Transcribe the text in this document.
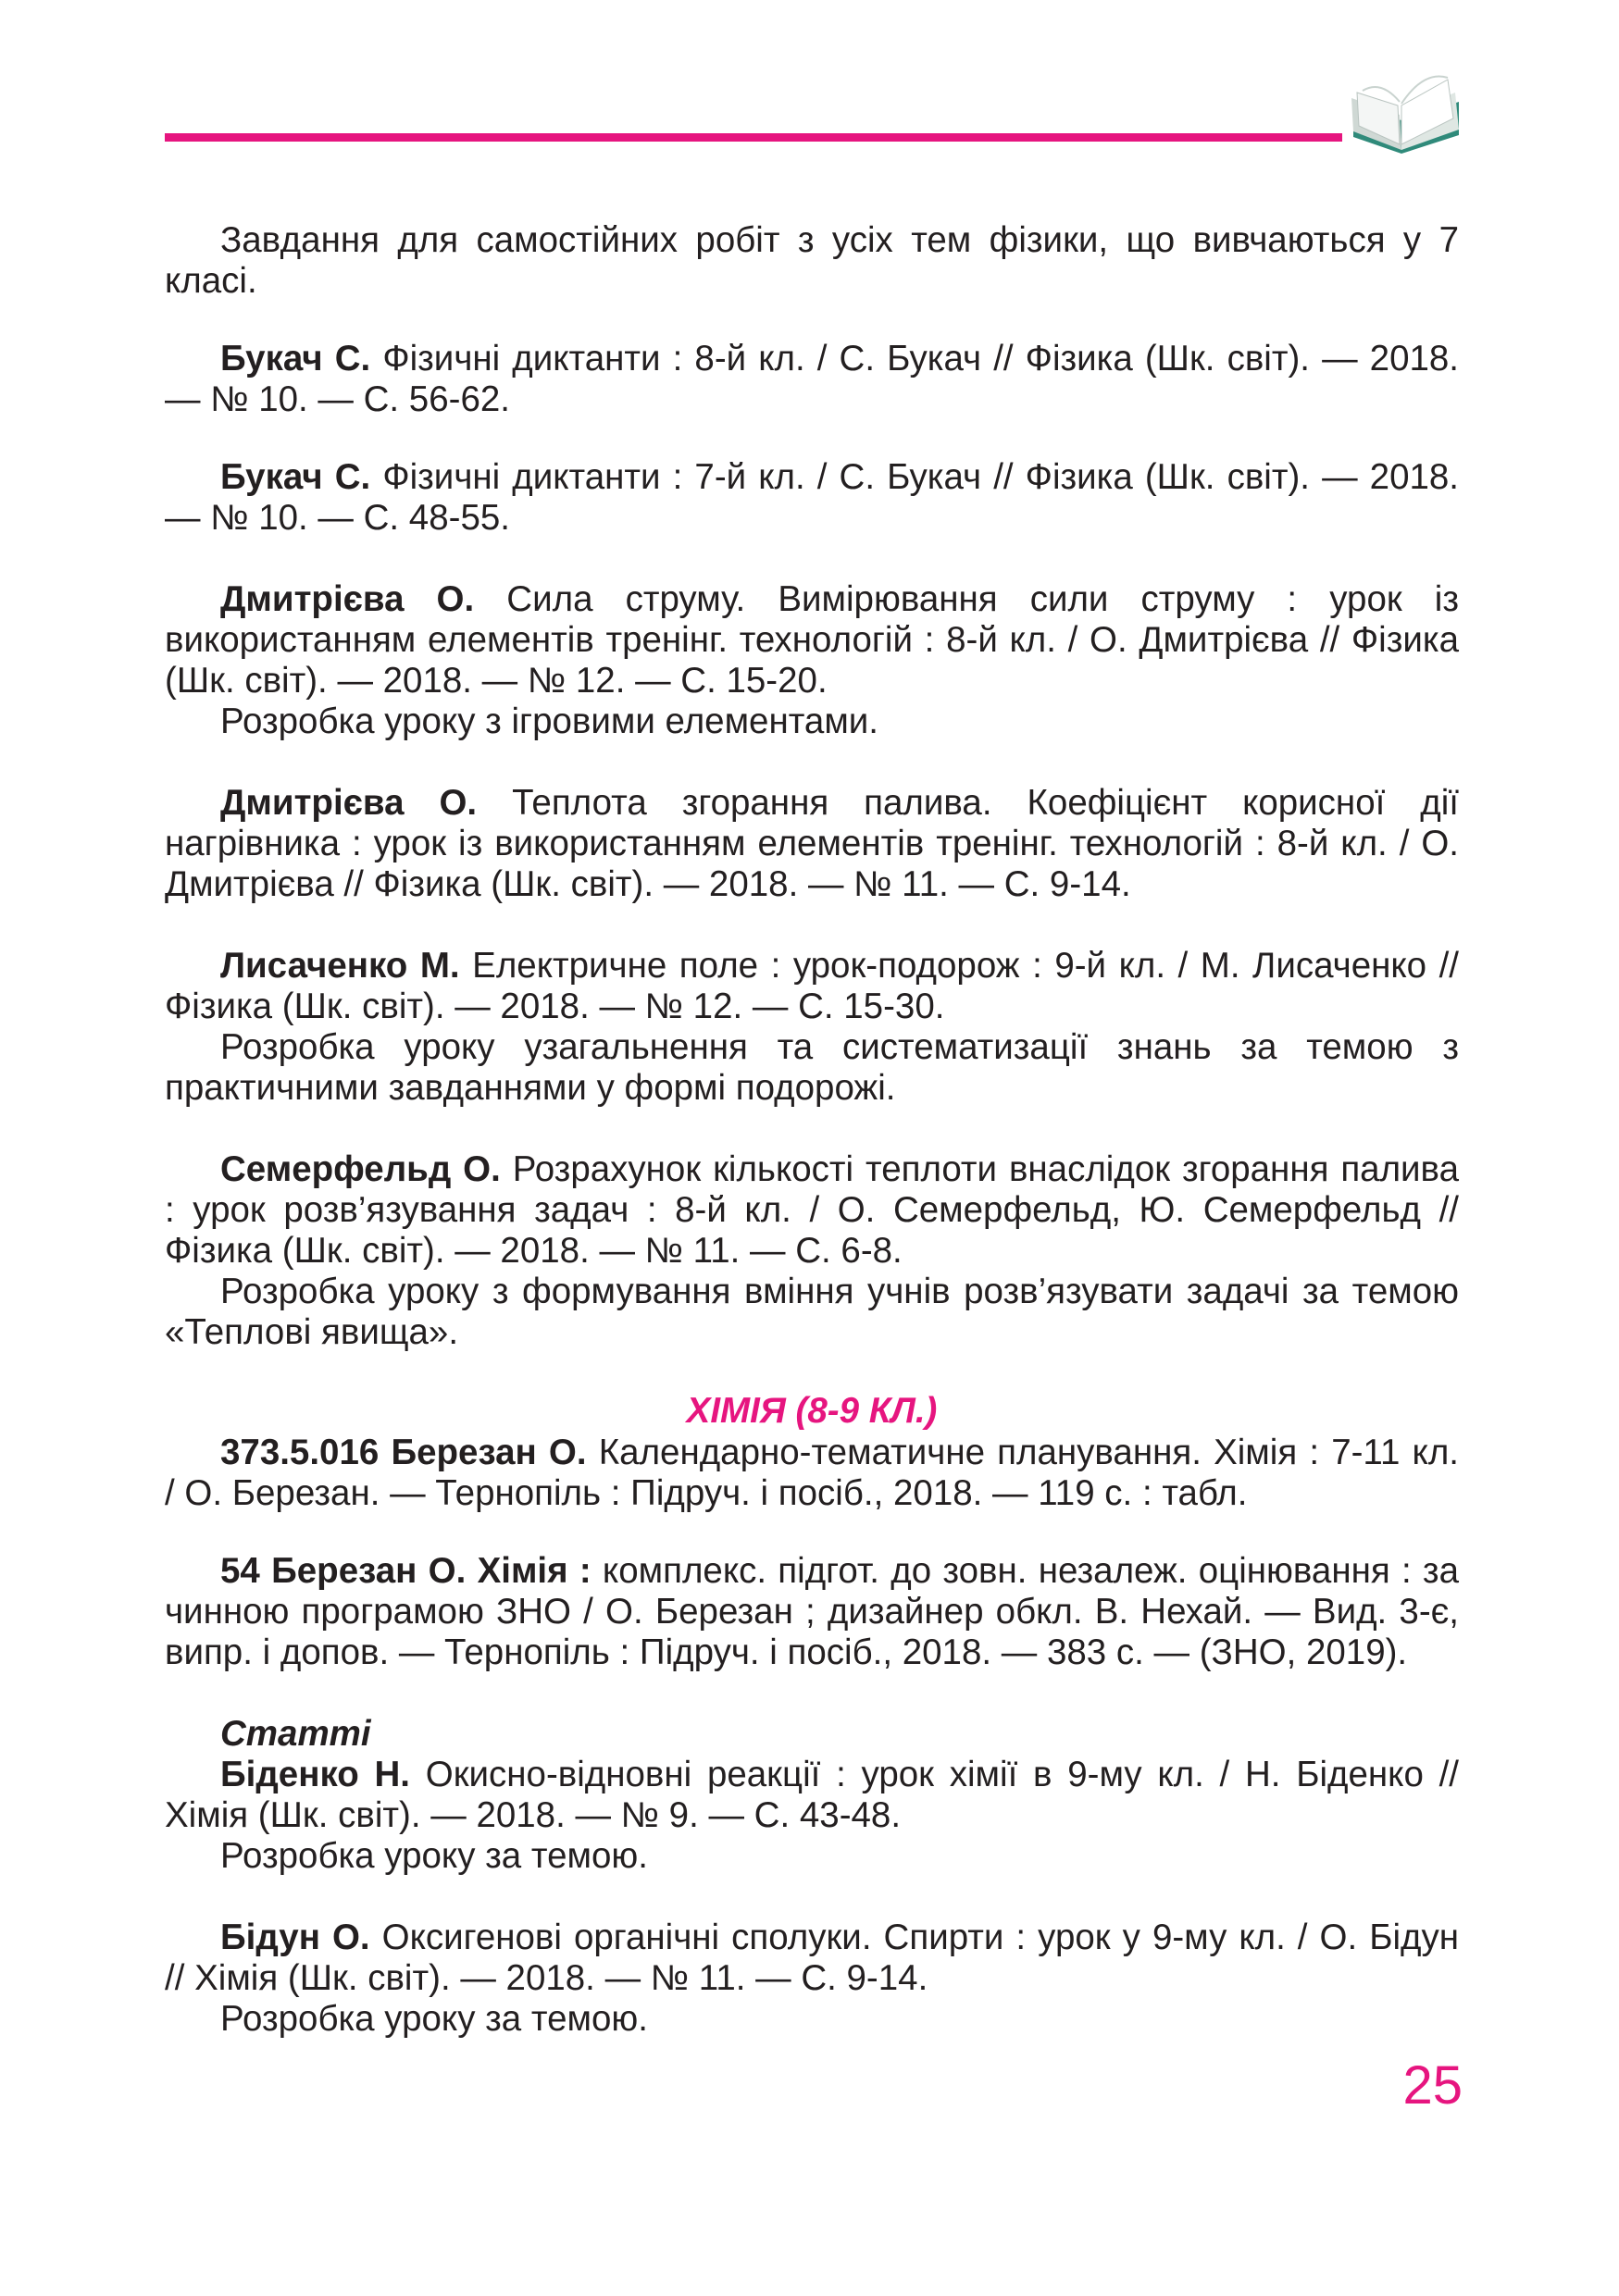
Завдання для самостійних робіт з усіх тем фізики, що вивчаються у 7 класі.

Букач С. Фізичні диктанти : 8-й кл. / С. Букач // Фізика (Шк. світ). — 2018. — № 10. — С. 56-62.

Букач С. Фізичні диктанти : 7-й кл. / С. Букач // Фізика (Шк. світ). — 2018. — № 10. — С. 48-55.

Дмитрієва О. Сила струму. Вимірювання сили струму : урок із використанням елементів тренінг. технологій : 8-й кл. / О. Дмитрієва // Фізика (Шк. світ). — 2018. — № 12. — С. 15-20.

Розробка уроку з ігровими елементами.

Дмитрієва О. Теплота згорання палива. Коефіцієнт корисної дії нагрівника : урок із використанням елементів тренінг. технологій : 8-й кл. / О. Дмитрієва // Фізика (Шк. світ). — 2018. — № 11. — С. 9-14.

Лисаченко М. Електричне поле : урок-подорож : 9-й кл. / М. Лисаченко // Фізика (Шк. світ). — 2018. — № 12. — С. 15-30.

Розробка уроку узагальнення та систематизації знань за темою з практичними завданнями у формі подорожі.

Семерфельд О. Розрахунок кількості теплоти внаслідок згорання палива : урок розв’язування задач : 8-й кл. / О. Семерфельд, Ю. Семерфельд // Фізика (Шк. світ). — 2018. — № 11. — С. 6-8.

Розробка уроку з формування вміння учнів розв’язувати задачі за темою «Теплові явища».

ХІМІЯ (8-9 КЛ.)

373.5.016 Березан О. Календарно-тематичне планування. Хімія : 7-11 кл. / О. Березан. — Тернопіль : Підруч. і посіб., 2018. — 119 с. : табл.

54 Березан О. Хімія : комплекс. підгот. до зовн. незалеж. оцінювання : за чинною програмою ЗНО / О. Березан ; дизайнер обкл. В. Нехай. — Вид. 3-є, випр. і допов. — Тернопіль : Підруч. і посіб., 2018. — 383 с. — (ЗНО, 2019).

Статті

Біденко Н. Окисно-відновні реакції : урок хімії в 9-му кл. / Н. Біденко // Хімія (Шк. світ). — 2018. — № 9. — С. 43-48.

Розробка уроку за темою.

Бідун О. Оксигенові органічні сполуки. Спирти : урок у 9-му кл. / О. Бідун // Хімія (Шк. світ). — 2018. — № 11. — С. 9-14.

Розробка уроку за темою.

25
